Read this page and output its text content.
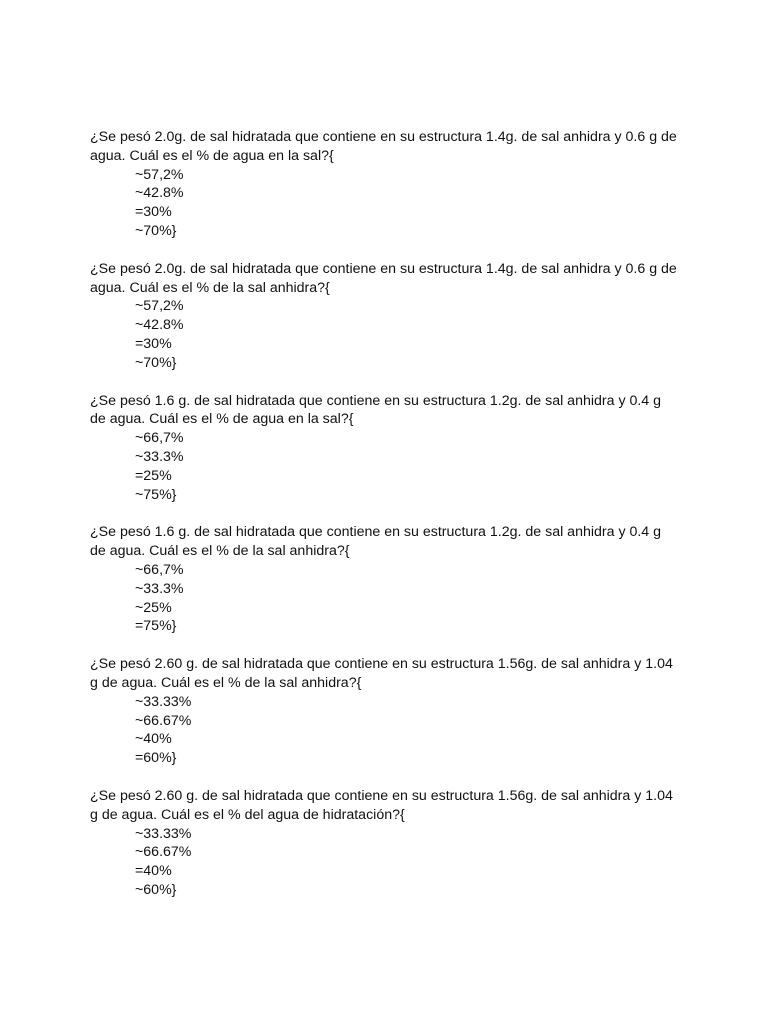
¿Se pesó 2.0g. de sal hidratada que contiene en su estructura 1.4g. de sal anhidra y 0.6 g de agua. Cuál es el % de agua en la sal?{
~57,2%
~42.8%
=30%
~70%}
¿Se pesó 2.0g. de sal hidratada que contiene en su estructura 1.4g. de sal anhidra y 0.6 g de agua. Cuál es el % de la sal anhidra?{
~57,2%
~42.8%
=30%
~70%}
¿Se pesó 1.6 g. de sal hidratada que contiene en su estructura 1.2g. de sal anhidra y 0.4 g de agua. Cuál es el % de agua en la sal?{
~66,7%
~33.3%
=25%
~75%}
¿Se pesó 1.6 g. de sal hidratada que contiene en su estructura 1.2g. de sal anhidra y 0.4 g de agua. Cuál es el % de la sal anhidra?{
~66,7%
~33.3%
~25%
=75%}
¿Se pesó 2.60 g. de sal hidratada que contiene en su estructura 1.56g. de sal anhidra y 1.04 g de agua. Cuál es el % de la sal anhidra?{
~33.33%
~66.67%
~40%
=60%}
¿Se pesó 2.60 g. de sal hidratada que contiene en su estructura 1.56g. de sal anhidra y 1.04 g de agua. Cuál es el % del agua de hidratación?{
~33.33%
~66.67%
=40%
~60%}
